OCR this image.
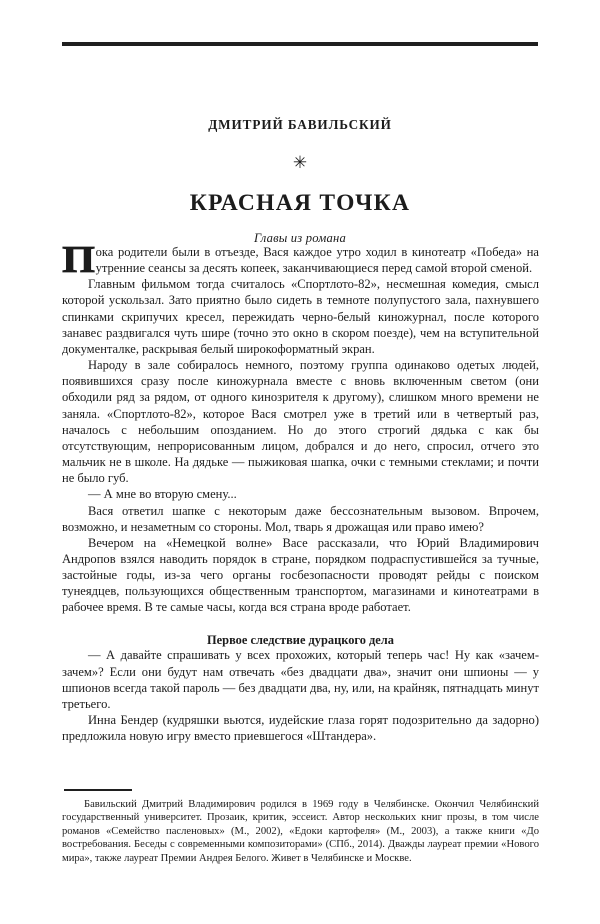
ДМИТРИЙ БАВИЛЬСКИЙ
✳
КРАСНАЯ ТОЧКА
Главы из романа

Пока родители были в отъезде, Вася каждое утро ходил в кинотеатр «Победа» на утренние сеансы за десять копеек, заканчивающиеся перед самой второй сменой.

Главным фильмом тогда считалось «Спортлото-82», несмешная комедия, смысл которой ускользал. Зато приятно было сидеть в темноте полупустого зала, пахнувшего спинками скрипучих кресел, пережидать черно-белый киножурнал, после которого занавес раздвигался чуть шире (точно это окно в скором поезде), чем на вступительной документалке, раскрывая белый широкоформатный экран.

Народу в зале собиралось немного, поэтому группа одинаково одетых людей, появившихся сразу после киножурнала вместе с вновь включенным светом (они обходили ряд за рядом, от одного кинозрителя к другому), слишком много времени не заняла. «Спортлото-82», которое Вася смотрел уже в третий или в четвертый раз, началось с небольшим опозданием. Но до этого строгий дядька с как бы отсутствующим, непрорисованным лицом, добрался и до него, спросил, отчего это мальчик не в школе. На дядьке — пыжиковая шапка, очки с темными стеклами; и почти не было губ.

— А мне во вторую смену...

Вася ответил шапке с некоторым даже бессознательным вызовом. Впрочем, возможно, и незаметным со стороны. Мол, тварь я дрожащая или право имею?

Вечером на «Немецкой волне» Васе рассказали, что Юрий Владимирович Андропов взялся наводить порядок в стране, порядком подраспустившейся за тучные, застойные годы, из-за чего органы госбезопасности проводят рейды с поиском тунеядцев, пользующихся общественным транспортом, магазинами и кинотеатрами в рабочее время. В те самые часы, когда вся страна вроде работает.

Первое следствие дурацкого дела

— А давайте спрашивать у всех прохожих, который теперь час! Ну как «зачем-зачем»? Если они будут нам отвечать «без двадцати два», значит они шпионы — у шпионов всегда такой пароль — без двадцати два, ну, или, на крайняк, пятнадцать минут третьего.

Инна Бендер (кудряшки вьются, иудейские глаза горят подозрительно да задорно) предложила новую игру вместо приевшегося «Штандера».

Бавильский Дмитрий Владимирович родился в 1969 году в Челябинске. Окончил Челябинский государственный университет. Прозаик, критик, эссеист. Автор нескольких книг прозы, в том числе романов «Семейство пасленовых» (М., 2002), «Едоки картофеля» (М., 2003), а также книги «До востребования. Беседы с современными композиторами» (СПб., 2014). Дважды лауреат премии «Нового мира», также лауреат Премии Андрея Белого. Живет в Челябинске и Москве.
